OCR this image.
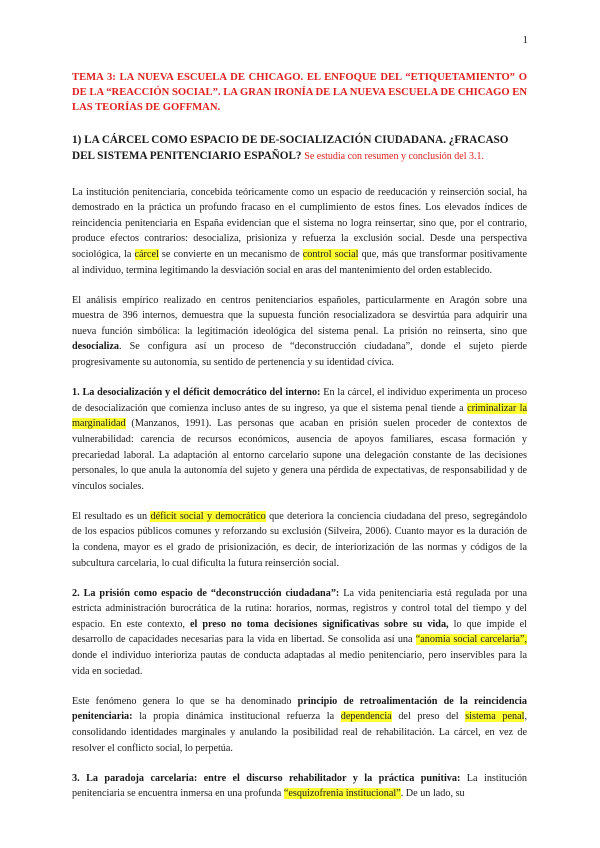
1
TEMA 3: LA NUEVA ESCUELA DE CHICAGO. EL ENFOQUE DEL “ETIQUETAMIENTO” O DE LA “REACCIÓN SOCIAL”. LA GRAN IRONÍA DE LA NUEVA ESCUELA DE CHICAGO EN LAS TEORÍAS DE GOFFMAN.
1) LA CÁRCEL COMO ESPACIO DE DE-SOCIALIZACIÓN CIUDADANA. ¿FRACASO DEL SISTEMA PENITENCIARIO ESPAÑOL? Se estudia con resumen y conclusión del 3.1.

La institución penitenciaria, concebida teóricamente como un espacio de reeducación y reinserción social, ha demostrado en la práctica un profundo fracaso en el cumplimiento de estos fines. Los elevados índices de reincidencia penitenciaria en España evidencian que el sistema no logra reinsertar, sino que, por el contrario, produce efectos contrarios: desocializa, prisioniza y refuerza la exclusión social. Desde una perspectiva sociológica, la cárcel se convierte en un mecanismo de control social que, más que transformar positivamente al individuo, termina legitimando la desviación social en aras del mantenimiento del orden establecido.

El análisis empírico realizado en centros penitenciarios españoles, particularmente en Aragón sobre una muestra de 396 internos, demuestra que la supuesta función resocializadora se desvirtúa para adquirir una nueva función simbólica: la legitimación ideológica del sistema penal. La prisión no reinserta, sino que desocializa. Se configura así un proceso de “deconstrucción ciudadana”, donde el sujeto pierde progresivamente su autonomía, su sentido de pertenencia y su identidad cívica.

1. La desocialización y el déficit democrático del interno: En la cárcel, el individuo experimenta un proceso de desocialización que comienza incluso antes de su ingreso, ya que el sistema penal tiende a criminalizar la marginalidad (Manzanos, 1991). Las personas que acaban en prisión suelen proceder de contextos de vulnerabilidad: carencia de recursos económicos, ausencia de apoyos familiares, escasa formación y precariedad laboral. La adaptación al entorno carcelario supone una delegación constante de las decisiones personales, lo que anula la autonomía del sujeto y genera una pérdida de expectativas, de responsabilidad y de vínculos sociales.

El resultado es un déficit social y democrático que deteriora la conciencia ciudadana del preso, segregándolo de los espacios públicos comunes y reforzando su exclusión (Silveira, 2006). Cuanto mayor es la duración de la condena, mayor es el grado de prisionización, es decir, de interiorización de las normas y códigos de la subcultura carcelaria, lo cual dificulta la futura reinserción social.

2. La prisión como espacio de “deconstrucción ciudadana”: La vida penitenciaria está regulada por una estricta administración burocrática de la rutina: horarios, normas, registros y control total del tiempo y del espacio. En este contexto, el preso no toma decisiones significativas sobre su vida, lo que impide el desarrollo de capacidades necesarias para la vida en libertad. Se consolida así una “anomia social carcelaria”, donde el individuo interioriza pautas de conducta adaptadas al medio penitenciario, pero inservibles para la vida en sociedad.

Este fenómeno genera lo que se ha denominado principio de retroalimentación de la reincidencia penitenciaria: la propia dinámica institucional refuerza la dependencia del preso del sistema penal, consolidando identidades marginales y anulando la posibilidad real de rehabilitación. La cárcel, en vez de resolver el conflicto social, lo perpetúa.

3. La paradoja carcelaria: entre el discurso rehabilitador y la práctica punitiva: La institución penitenciaria se encuentra inmersa en una profunda “esquizofrenia institucional”. De un lado, su
